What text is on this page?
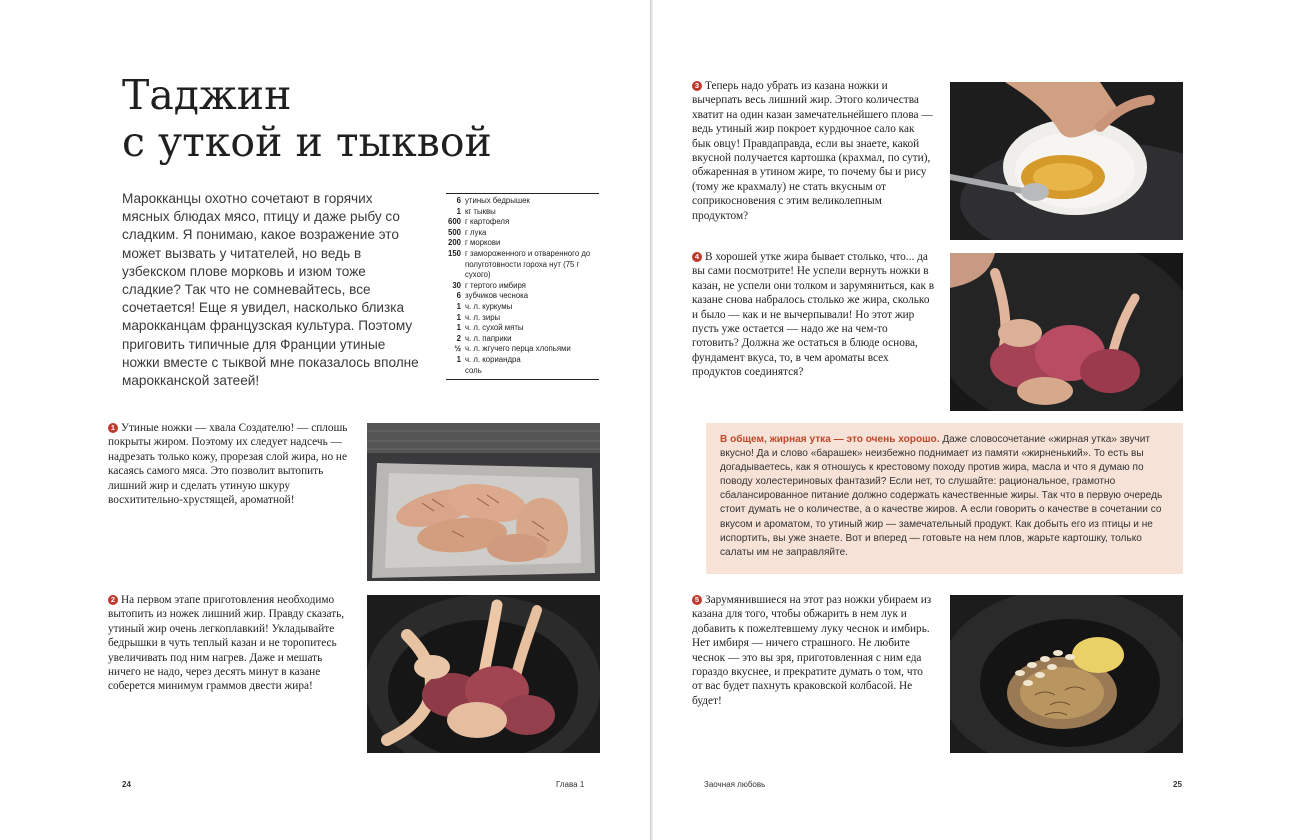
Таджин
с уткой и тыквой

Марокканцы охотно сочетают в горячих мясных блюдах мясо, птицу и даже рыбу со сладким. Я понимаю, какое возражение это может вызвать у читателей, но ведь в узбекском плове морковь и изюм тоже сладкие? Так что не сомневайтесь, все сочетается! Еще я увидел, насколько близка марокканцам французская культура. Поэтому приговить типичные для Франции утиные ножки вместе с тыквой мне показалось вполне марокканской затеей!

6 утиных бедрышек
1 кг тыквы
600 г картофеля
500 г лука
200 г моркови
150 г замороженного и отваренного до полуготовности гороха нут (75 г сухого)
30 г тертого имбиря
6 зубчиков чеснока
1 ч. л. куркумы
1 ч. л. зиры
1 ч. л. сухой мяты
2 ч. л. паприки
½ ч. л. жгучего перца хлопьями
1 ч. л. кориандра
соль

1 Утиные ножки — хвала Создателю! — сплошь покрыты жиром. Поэтому их следует надсечь — надрезать только кожу, прорезая слой жира, но не касаясь самого мяса. Это позволит вытопить лишний жир и сделать утиную шкуру восхитительно-хрустящей, ароматной!

2 На первом этапе приготовления необходимо вытопить из ножек лишний жир. Правду сказать, утиный жир очень легкоплавкий! Укладывайте бедрышки в чуть теплый казан и не торопитесь увеличивать под ним нагрев. Даже и мешать ничего не надо, через десять минут в казане соберется минимум граммов двести жира!

24	Глава 1	Заочная любовь	25

3 Теперь надо убрать из казана ножки и вычерпать весь лишний жир. Этого количества хватит на один казан замечательнейшего плова — ведь утиный жир покроет курдючное сало как бык овцу! Правдаправда, если вы знаете, какой вкусной получается картошка (крахмал, по сути), обжаренная в утином жире, то почему бы и рису (тому же крахмалу) не стать вкусным от соприкосновения с этим великолепным продуктом?

4 В хорошей утке жира бывает столько, что... да вы сами посмотрите! Не успели вернуть ножки в казан, не успели они толком и зарумяниться, как в казане снова набралось столько же жира, сколько и было — как и не вычерпывали! Но этот жир пусть уже остается — надо же на чем-то готовить? Должна же остаться в блюде основа, фундамент вкуса, то, в чем ароматы всех продуктов соединятся?

В общем, жирная утка — это очень хорошо. Даже словосочетание «жирная утка» звучит вкусно! Да и слово «барашек» неизбежно поднимает из памяти «жирненький». То есть вы догадываетесь, как я отношусь к крестовому походу против жира, масла и что я думаю по поводу холестериновых фантазий? Если нет, то слушайте: рациональное, грамотно сбалансированное питание должно содержать качественные жиры. Так что в первую очередь стоит думать не о количестве, а о качестве жиров. А если говорить о качестве в сочетании со вкусом и ароматом, то утиный жир — замечательный продукт. Как добыть его из птицы и не испортить, вы уже знаете. Вот и вперед — готовьте на нем плов, жарьте картошку, только салаты им не заправляйте.

5 Зарумянившиеся на этот раз ножки убираем из казана для того, чтобы обжарить в нем лук и добавить к пожелтевшему луку чеснок и имбирь. Нет имбиря — ничего страшного. Не любите чеснок — это вы зря, приготовленная с ним еда гораздо вкуснее, и прекратите думать о том, что от вас будет пахнуть краковской колбасой. Не будет!
